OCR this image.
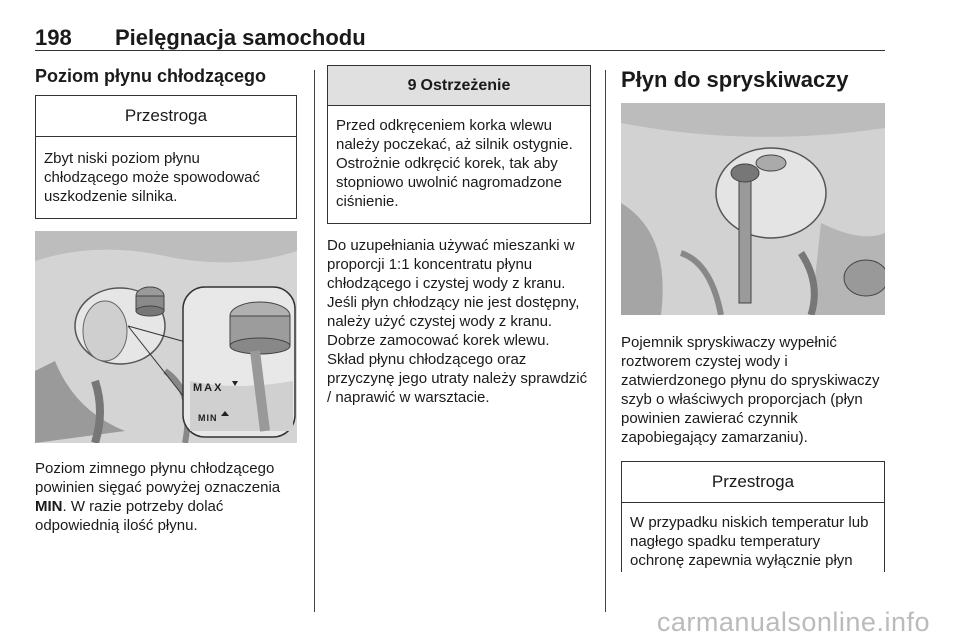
198 Pielęgnacja samochodu
Poziom płynu chłodzącego
Przestroga
Zbyt niski poziom płynu chłodzącego może spowodować uszkodzenie silnika.
MAX
MIN
Poziom zimnego płynu chłodzącego powinien sięgać powyżej oznaczenia MIN. W razie potrzeby dolać odpowiednią ilość płynu.
9 Ostrzeżenie
Przed odkręceniem korka wlewu należy poczekać, aż silnik ostygnie. Ostrożnie odkręcić korek, tak aby stopniowo uwolnić nagromadzone ciśnienie.
Do uzupełniania używać mieszanki w proporcji 1:1 koncentratu płynu chłodzącego i czystej wody z kranu. Jeśli płyn chłodzący nie jest dostępny, należy użyć czystej wody z kranu. Dobrze zamocować korek wlewu. Skład płynu chłodzącego oraz przyczynę jego utraty należy sprawdzić / naprawić w warsztacie.
Płyn do spryskiwaczy
Pojemnik spryskiwaczy wypełnić roztworem czystej wody i zatwierdzonego płynu do spryskiwaczy szyb o właściwych proporcjach (płyn powinien zawierać czynnik zapobiegający zamarzaniu).
Przestroga
W przypadku niskich temperatur lub nagłego spadku temperatury ochronę zapewnia wyłącznie płyn
carmanualsonline.info
